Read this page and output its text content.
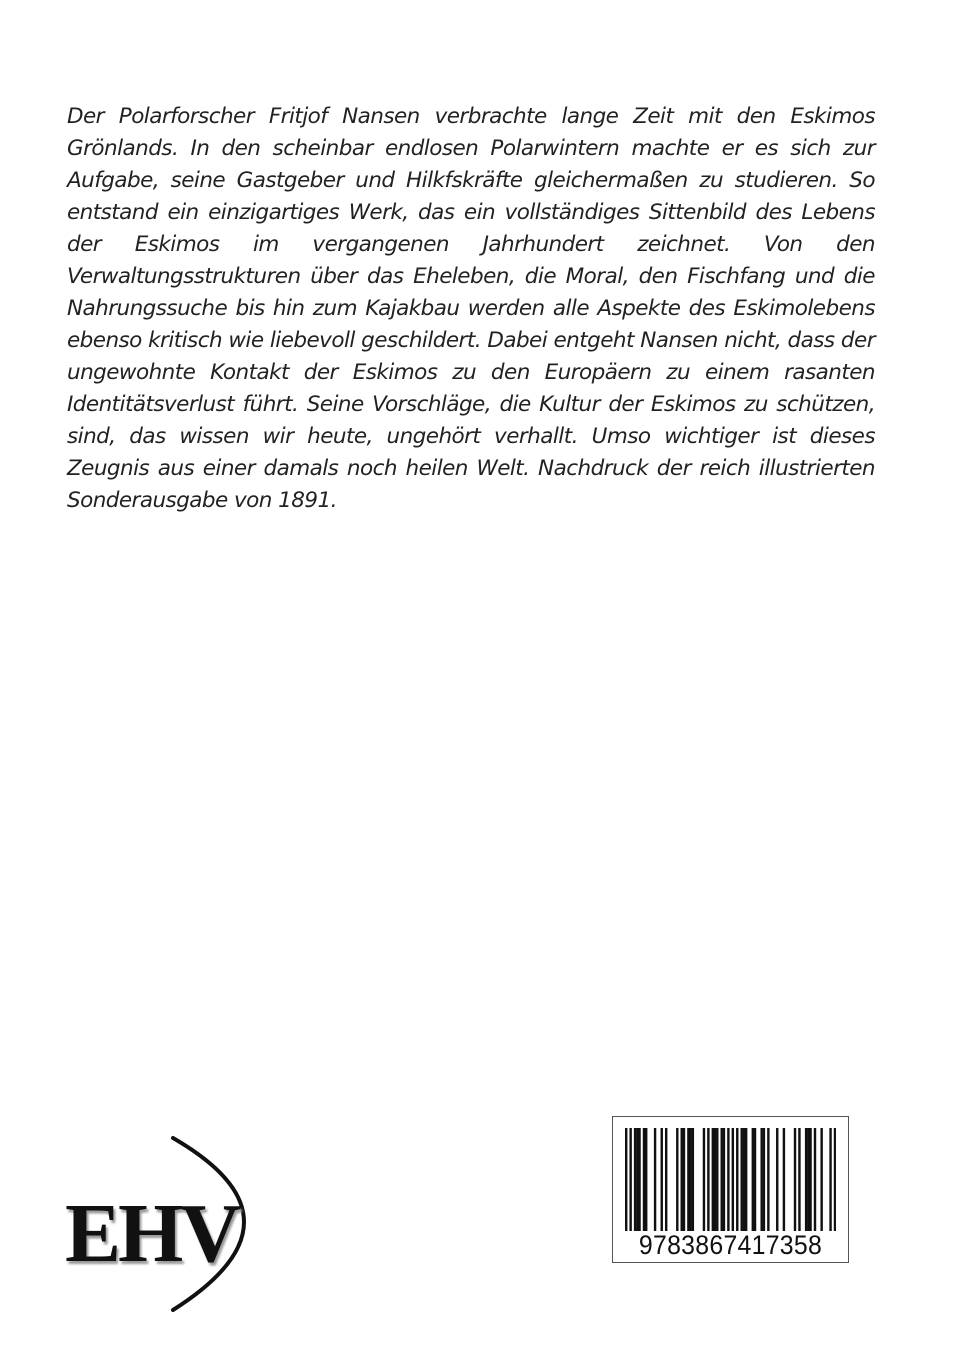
Der Polarforscher Fritjof Nansen verbrachte lange Zeit mit den Eskimos
Grönlands. In den scheinbar endlosen Polarwintern machte er es sich zur
Aufgabe, seine Gastgeber und Hilkfskräfte gleichermaßen zu studieren. So
entstand ein einzigartiges Werk, das ein vollständiges Sittenbild des Lebens
der Eskimos im vergangenen Jahrhundert zeichnet. Von den
Verwaltungsstrukturen über das Eheleben, die Moral, den Fischfang und die
Nahrungssuche bis hin zum Kajakbau werden alle Aspekte des Eskimolebens
ebenso kritisch wie liebevoll geschildert. Dabei entgeht Nansen nicht, dass der
ungewohnte Kontakt der Eskimos zu den Europäern zu einem rasanten
Identitätsverlust führt. Seine Vorschläge, die Kultur der Eskimos zu schützen,
sind, das wissen wir heute, ungehört verhallt. Umso wichtiger ist dieses
Zeugnis aus einer damals noch heilen Welt. Nachdruck der reich illustrierten
Sonderausgabe von 1891.
EHV	9783867417358
